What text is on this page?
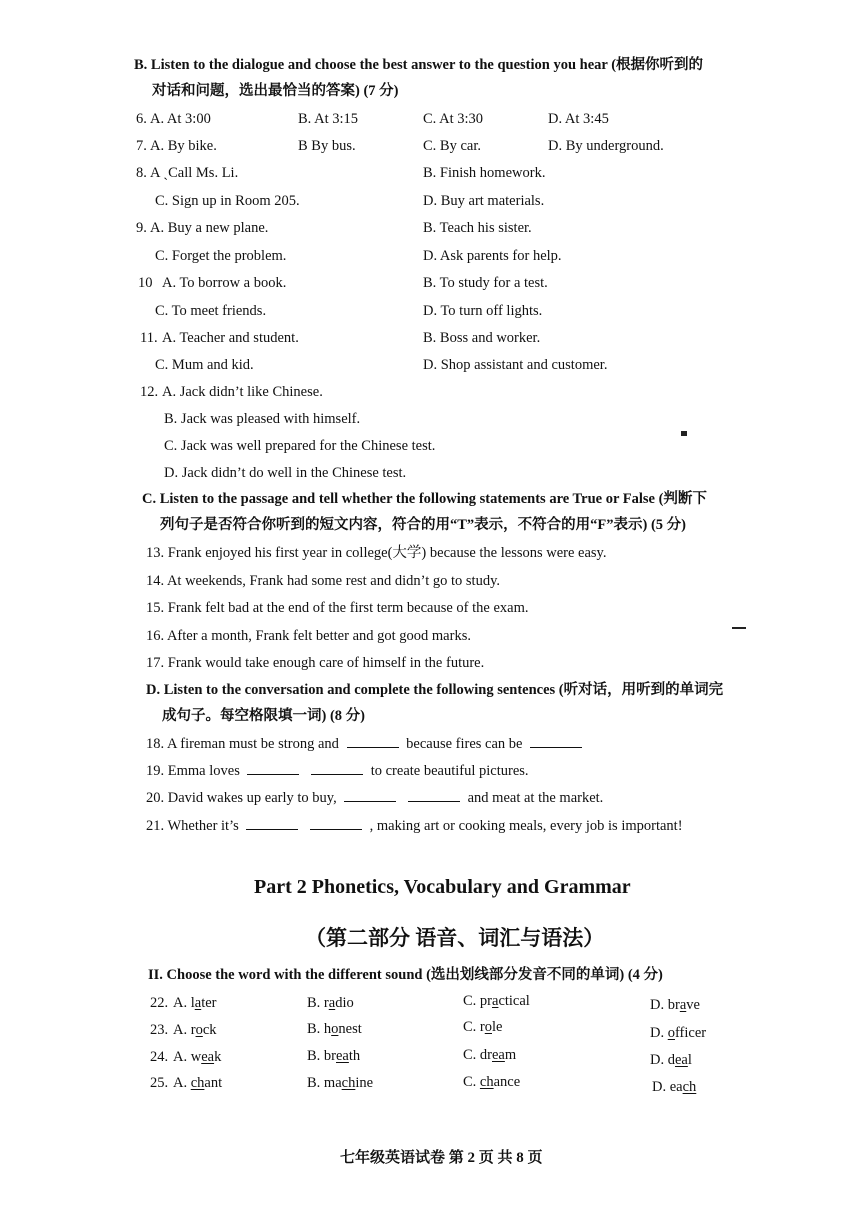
B. Listen to the dialogue and choose the best answer to the question you hear (根据你听到的
对话和问题，选出最恰当的答案) (7 分)
6. A. At 3:00	B. At 3:15	C. At 3:30	D. At 3:45
7. A. By bike.	B By bus.	C. By car.	D. By underground.
8. A ˏCall Ms. Li.	B. Finish homework.
C. Sign up in Room 205.	D. Buy art materials.
9. A. Buy a new plane.	B. Teach his sister.
C. Forget the problem.	D. Ask parents for help.
10 A. To borrow a book.	B. To study for a test.
C. To meet friends.	D. To turn off lights.
11. A. Teacher and student.	B. Boss and worker.
C. Mum and kid.	D. Shop assistant and customer.
12. A. Jack didn’t like Chinese.
B. Jack was pleased with himself.
C. Jack was well prepared for the Chinese test.
D. Jack didn’t do well in the Chinese test.
C. Listen to the passage and tell whether the following statements are True or False (判断下
列句子是否符合你听到的短文内容，符合的用“T”表示，不符合的用“F”表示) (5 分)
13. Frank enjoyed his first year in college(大学) because the lessons were easy.
14. At weekends, Frank had some rest and didn’t go to study.
15. Frank felt bad at the end of the first term because of the exam.
16. After a month, Frank felt better and got good marks.
17. Frank would take enough care of himself in the future.
D. Listen to the conversation and complete the following sentences (听对话，用听到的单词完
成句子。每空格限填一词) (8 分)
18. A fireman must be strong and	because fires can be
19. Emma loves	to create beautiful pictures.
20. David wakes up early to buy,	and meat at the market.
21. Whether it’s	, making art or cooking meals, every job is important!
Part 2 Phonetics, Vocabulary and Grammar
（第二部分 语音、词汇与语法）
II. Choose the word with the different sound (选出划线部分发音不同的单词) (4 分)
22. A. later	B. radio	C. practical	D. brave
23. A. rock	B. honest	C. role	D. officer
24. A. weak	B. breath	C. dream	D. deal
25. A. chant	B. machine	C. chance	D. each
七年级英语试卷 第 2 页 共 8 页
